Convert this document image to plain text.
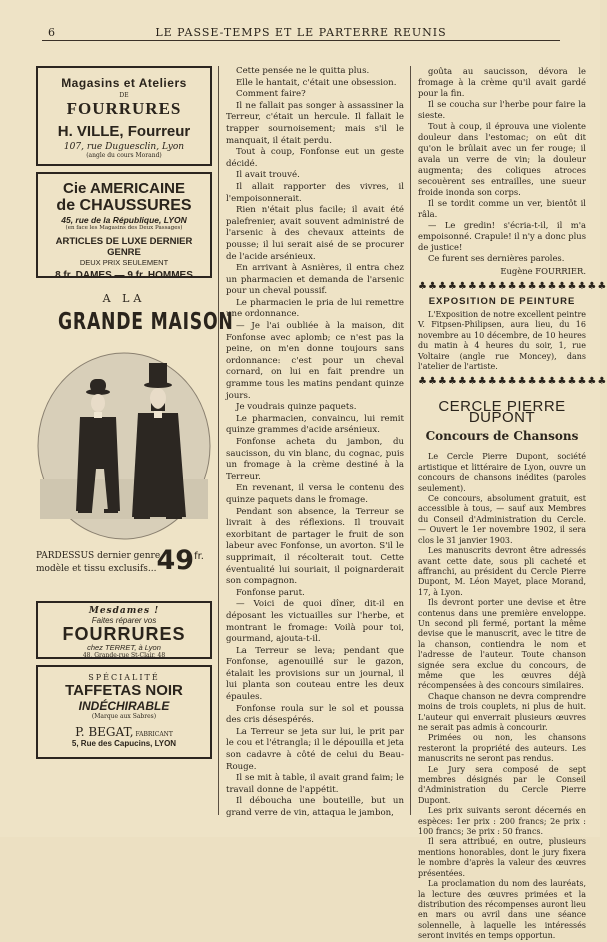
6	LE PASSE-TEMPS ET LE PARTERRE REUNIS
Magasins et Ateliers
DE
FOURRURES
H. VILLE, Fourreur
107, rue Duguesclin, Lyon
(angle du cours Morand)
Cie AMERICAINE
de CHAUSSURES
45, rue de la République, LYON
(en face les Magasins des Deux Passages)
ARTICLES DE LUXE DERNIER GENRE
DEUX PRIX SEULEMENT
8 fr. DAMES — 9 fr. HOMMES
A LA
GRANDE MAISON
PARDESSUS dernier genre,
modèle et tissu exclusifs... $49^{fr.}$
Mesdames !
Faites réparer vos
FOURRURES
chez TERRET, à Lyon
48, Grande-rue St-Clair, 48
SPÉCIALITÉ
TAFFETAS NOIR
INDÉCHIRABLE
(Marque aux Sabres)
P. BEGAT, FABRICANT
5, Rue des Capucins, LYON

Cette pensée ne le quitta plus.

Elle le hantait, c'était une obsession.

Comment faire?

Il ne fallait pas songer à assassiner la Terreur, c'était un hercule. Il fallait le trapper sournoisement; mais s'il le manquait, il était perdu.

Tout à coup, Fonfonse eut un geste décidé.

Il avait trouvé.

Il allait rapporter des vivres, il l'empoisonnerait.

Rien n'était plus facile; il avait été palefrenier, avait souvent administré de l'arsenic à des chevaux atteints de pousse; il lui serait aisé de se procurer de l'acide arsénieux.

En arrivant à Asnières, il entra chez un pharmacien et demanda de l'arsenic pour un cheval poussif.

Le pharmacien le pria de lui remettre une ordonnance.

— Je l'ai oubliée à la maison, dit Fonfonse avec aplomb; ce n'est pas la peine, on m'en donne toujours sans ordonnance: c'est pour un cheval cornard, on lui en fait prendre un gramme tous les matins pendant quinze jours.

Je voudrais quinze paquets.

Le pharmacien, convaincu, lui remit quinze grammes d'acide arsénieux.

Fonfonse acheta du jambon, du saucisson, du vin blanc, du cognac, puis un fromage à la crème destiné à la Terreur.

En revenant, il versa le contenu des quinze paquets dans le fromage.

Pendant son absence, la Terreur se livrait à des réflexions. Il trouvait exorbitant de partager le fruit de son labeur avec Fonfonse, un avorton. S'il le supprimait, il récolterait tout. Cette éventualité lui souriait, il poignarderait son compagnon.

Fonfonse parut.

— Voici de quoi dîner, dit-il en déposant les victuailles sur l'herbe, et montrant le fromage: Voilà pour toi, gourmand, ajouta-t-il.

La Terreur se leva; pendant que Fonfonse, agenouillé sur le gazon, étalait les provisions sur un journal, il lui planta son couteau entre les deux épaules.

Fonfonse roula sur le sol et poussa des cris désespérés.

La Terreur se jeta sur lui, le prit par le cou et l'étrangla; il le dépouilla et jeta son cadavre à côté de celui du Beau-Rouge.

Il se mit à table, il avait grand faim; le travail donne de l'appétit.

Il déboucha une bouteille, but un grand verre de vin, attaqua le jambon,

goûta au saucisson, dévora le fromage à la crème qu'il avait gardé pour la fin.

Il se coucha sur l'herbe pour faire la sieste.

Tout à coup, il éprouva une violente douleur dans l'estomac; on eût dit qu'on le brûlait avec un fer rouge; il avala un verre de vin; la douleur augmenta; des coliques atroces secouèrent ses entrailles, une sueur froide inonda son corps.

Il se tordit comme un ver, bientôt il râla.

— Le gredin! s'écria-t-il, il m'a empoisonné. Crapule! il n'y a donc plus de justice!

Ce furent ses dernières paroles.

Eugène FOURRIER.
♣♣♣♣♣♣♣♣♣♣♣♣♣♣♣♣♣♣♣
EXPOSITION DE PEINTURE

L'Exposition de notre excellent peintre V. Fitpsen-Philipsen, aura lieu, du 16 novembre au 10 décembre, de 10 heures du matin à 4 heures du soir, 1, rue Voltaire (angle rue Moncey), dans l'atelier de l'artiste.

♣♣♣♣♣♣♣♣♣♣♣♣♣♣♣♣♣♣♣
CERCLE PIERRE DUPONT
Concours de Chansons

Le Cercle Pierre Dupont, société artistique et littéraire de Lyon, ouvre un concours de chansons inédites (paroles seulement).

Ce concours, absolument gratuit, est accessible à tous, — sauf aux Membres du Conseil d'Administration du Cercle. — Ouvert le 1er novembre 1902, il sera clos le 31 janvier 1903.

Les manuscrits devront être adressés avant cette date, sous pli cacheté et affranchi, au président du Cercle Pierre Dupont, M. Léon Mayet, place Morand, 17, à Lyon.

Ils devront porter une devise et être contenus dans une première enveloppe. Un second pli fermé, portant la même devise que le manuscrit, avec le titre de la chanson, contiendra le nom et l'adresse de l'auteur. Toute chanson signée sera exclue du concours, de même que les œuvres déjà récompensées à des concours similaires.

Chaque chanson ne devra comprendre moins de trois couplets, ni plus de huit. L'auteur qui enverrait plusieurs œuvres ne serait pas admis à concourir.

Primées ou non, les chansons resteront la propriété des auteurs. Les manuscrits ne seront pas rendus.

Le Jury sera composé de sept membres désignés par le Conseil d'Administration du Cercle Pierre Dupont.

Les prix suivants seront décernés en espèces: 1er prix : 200 francs; 2e prix : 100 francs; 3e prix : 50 francs.

Il sera attribué, en outre, plusieurs mentions honorables, dont le jury fixera le nombre d'après la valeur des œuvres présentées.

La proclamation du nom des lauréats, la lecture des œuvres primées et la distribution des récompenses auront lieu en mars ou avril dans une séance solennelle, à laquelle les intéressés seront invités en temps opportun.
